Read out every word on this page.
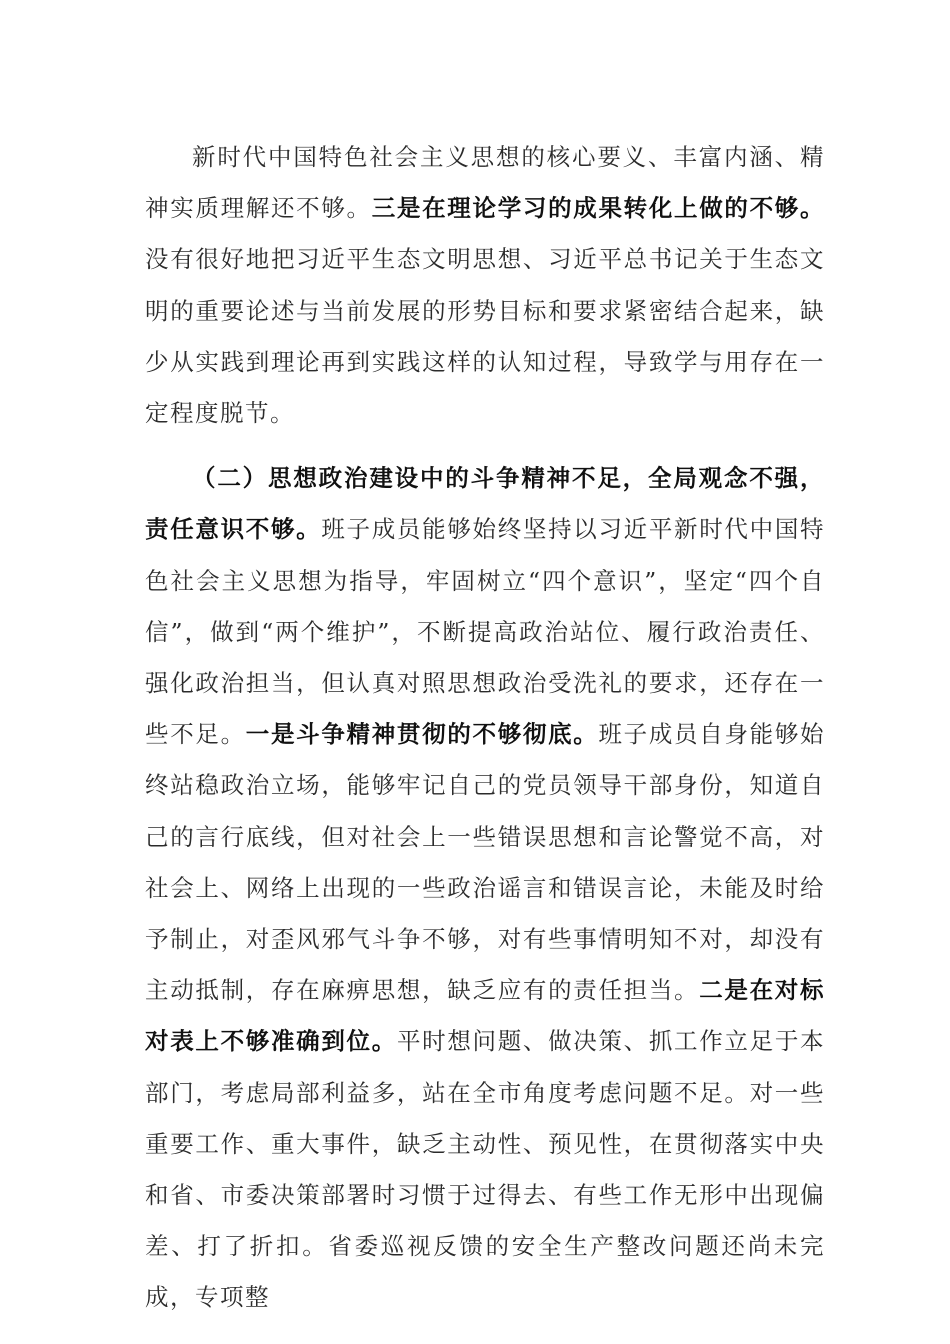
新时代中国特色社会主义思想的核心要义、丰富内涵、精神实质理解还不够。三是在理论学习的成果转化上做的不够。没有很好地把习近平生态文明思想、习近平总书记关于生态文明的重要论述与当前发展的形势目标和要求紧密结合起来，缺少从实践到理论再到实践这样的认知过程，导致学与用存在一定程度脱节。

（二）思想政治建设中的斗争精神不足，全局观念不强，责任意识不够。班子成员能够始终坚持以习近平新时代中国特色社会主义思想为指导，牢固树立“四个意识”，坚定“四个自信”，做到“两个维护”，不断提高政治站位、履行政治责任、强化政治担当，但认真对照思想政治受洗礼的要求，还存在一些不足。一是斗争精神贯彻的不够彻底。班子成员自身能够始终站稳政治立场，能够牢记自己的党员领导干部身份，知道自己的言行底线，但对社会上一些错误思想和言论警觉不高，对社会上、网络上出现的一些政治谣言和错误言论，未能及时给予制止，对歪风邪气斗争不够，对有些事情明知不对，却没有主动抵制，存在麻痹思想，缺乏应有的责任担当。二是在对标对表上不够准确到位。平时想问题、做决策、抓工作立足于本部门，考虑局部利益多，站在全市角度考虑问题不足。对一些重要工作、重大事件，缺乏主动性、预见性，在贯彻落实中央和省、市委决策部署时习惯于过得去、有些工作无形中出现偏差、打了折扣。省委巡视反馈的安全生产整改问题还尚未完成，专项整
